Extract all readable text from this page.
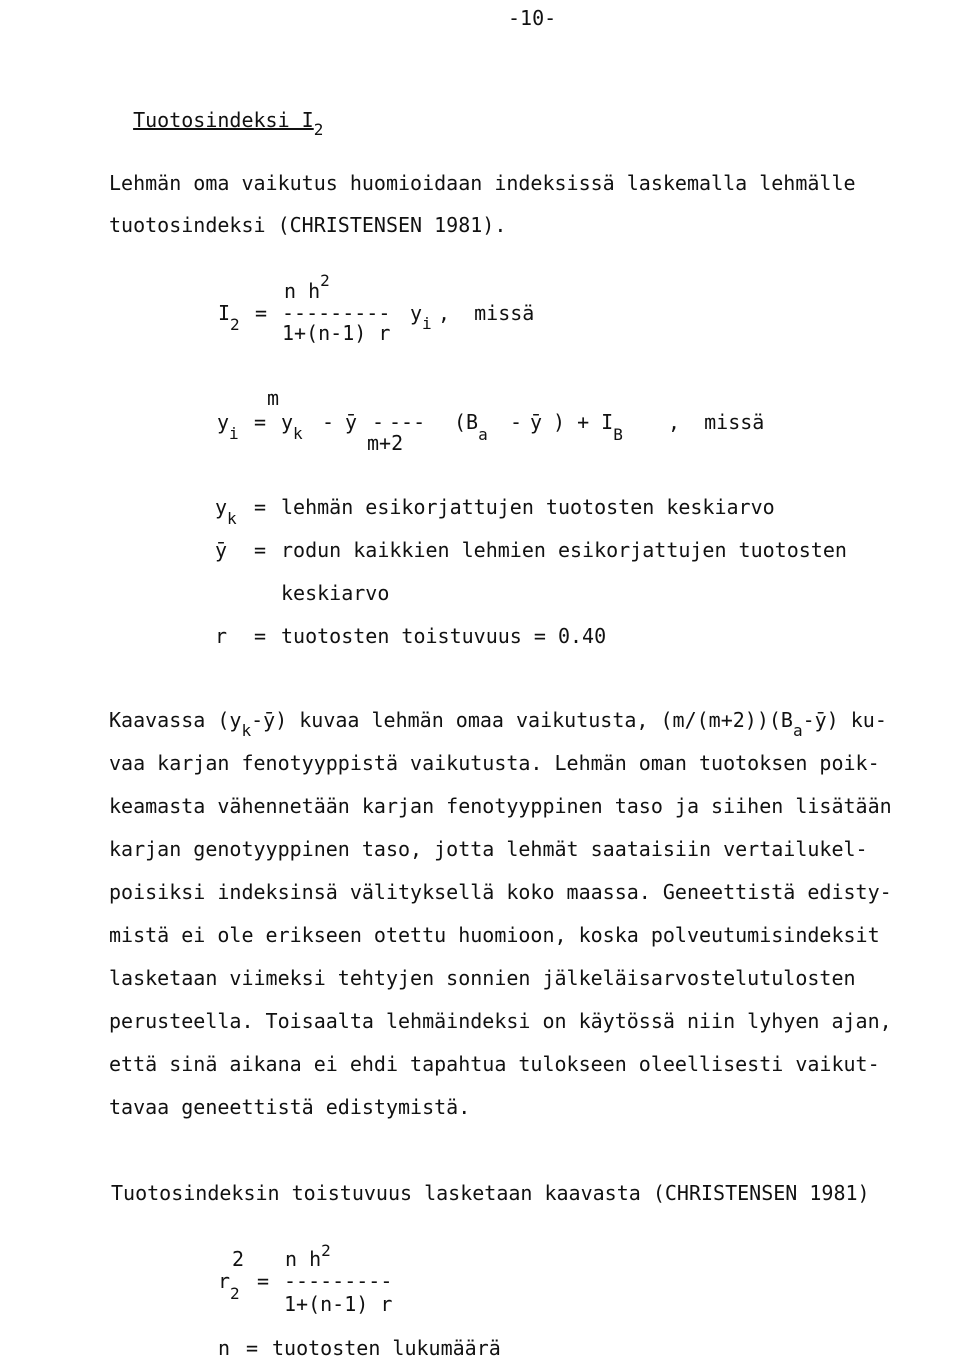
-10-

Tuotosindeksi $I_2$

Lehmän oma vaikutus huomioidaan indeksissä laskemalla lehmälle
tuotosindeksi (CHRISTENSEN 1981).
n $h^2$
$I_2$ = --------- $y_i$ ,  missä
1+(n-1) r
m
$y_i = y_k$ - ȳ - --- ($B_a$
- ȳ ) + $I_B$
,  missä
m+2
$y_k$ = lehmän esikorjattujen tuotosten keskiarvo
ȳ = rodun kaikkien lehmien esikorjattujen tuotosten
keskiarvo
r = tuotosten toistuvuus = 0.40
Kaavassa $(y_k-ȳ)$ kuvaa lehmän omaa vaikutusta, $(m/(m+2))(B_a-ȳ)$ ku-
vaa karjan fenotyyppistä vaikutusta. Lehmän oman tuotoksen poik-
keamasta vähennetään karjan fenotyyppinen taso ja siihen lisätään
karjan genotyyppinen taso, jotta lehmät saataisiin vertailukel-
poisiksi indeksinsä välityksellä koko maassa. Geneettistä edisty-
mistä ei ole erikseen otettu huomioon, koska polveutumisindeksit
lasketaan viimeksi tehtyjen sonnien jälkeläisarvostelutulosten
perusteella. Toisaalta lehmäindeksi on käytössä niin lyhyen ajan,
että sinä aikana ei ehdi tapahtua tulokseen oleellisesti vaikut-
tavaa geneettistä edistymistä.
Tuotosindeksin toistuvuus lasketaan kaavasta (CHRISTENSEN 1981)
2 n $h^2$
$r_2$
= ---------
1+(n-1) r
n = tuotosten lukumäärä
